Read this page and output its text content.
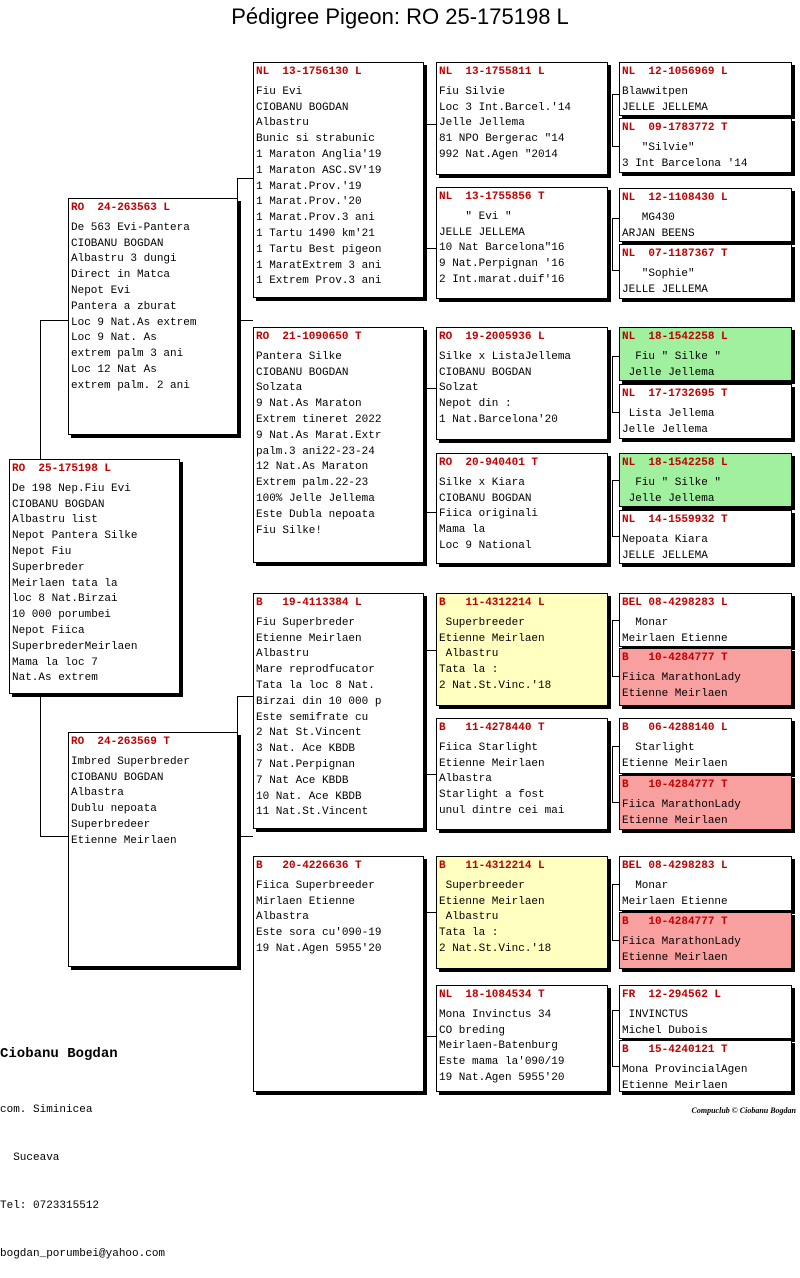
Pédigree Pigeon: RO 25-175198 L
RO  25-175198 L
De 198 Nep.Fiu Evi
CIOBANU BOGDAN
Albastru list
Nepot Pantera Silke
Nepot Fiu
Superbreder
Meirlaen tata la
loc 8 Nat.Birzai
10 000 porumbei
Nepot Fiica
SuperbrederMeirlaen
Mama la loc 7
Nat.As extrem
RO  24-263563 L
De 563 Evi-Pantera
CIOBANU BOGDAN
Albastru 3 dungi
Direct in Matca
Nepot Evi
Pantera a zburat
Loc 9 Nat.As extrem
Loc 9 Nat. As
extrem palm 3 ani
Loc 12 Nat As
extrem palm. 2 ani
RO  24-263569 T
Imbred Superbreder
CIOBANU BOGDAN
Albastra
Dublu nepoata
Superbredeer
Etienne Meirlaen
NL  13-1756130 L
Fiu Evi
CIOBANU BOGDAN
Albastru
Bunic si strabunic
1 Maraton Anglia'19
1 Maraton ASC.SV'19
1 Marat.Prov.'19
1 Marat.Prov.'20
1 Marat.Prov.3 ani
1 Tartu 1490 km'21
1 Tartu Best pigeon
1 MaratExtrem 3 ani
1 Extrem Prov.3 ani
RO  21-1090650 T
Pantera Silke
CIOBANU BOGDAN
Solzata
9 Nat.As Maraton
Extrem tineret 2022
9 Nat.As Marat.Extr
palm.3 ani22-23-24
12 Nat.As Maraton
Extrem palm.22-23
100% Jelle Jellema
Este Dubla nepoata
Fiu Silke!
B   19-4113384 L
Fiu Superbreder
Etienne Meirlaen
Albastru
Mare reprodfucator
Tata la loc 8 Nat.
Birzai din 10 000 p
Este semifrate cu
2 Nat St.Vincent
3 Nat. Ace KBDB
7 Nat.Perpignan
7 Nat Ace KBDB
10 Nat. Ace KBDB
11 Nat.St.Vincent
B   20-4226636 T
Fiica Superbreeder
Mirlaen Etienne
Albastra
Este sora cu'090-19
19 Nat.Agen 5955'20
NL  13-1755811 L
Fiu Silvie
Loc 3 Int.Barcel.'14
Jelle Jellema
81 NPO Bergerac "14
992 Nat.Agen "2014
NL  13-1755856 T
" Evi "
JELLE JELLEMA
10 Nat Barcelona"16
9 Nat.Perpignan '16
2 Int.marat.duif'16
RO  19-2005936 L
Silke x ListaJellema
CIOBANU BOGDAN
Solzat
Nepot din :
1 Nat.Barcelona'20
RO  20-940401 T
Silke x Kiara
CIOBANU BOGDAN
Fiica originali
Mama la
Loc 9 National
B   11-4312214 L
Superbreeder
Etienne Meirlaen
Albastru
Tata la :
2 Nat.St.Vinc.'18
B   11-4278440 T
Fiica Starlight
Etienne Meirlaen
Albastra
Starlight a fost
unul dintre cei mai
B   11-4312214 L
Superbreeder
Etienne Meirlaen
Albastru
Tata la :
2 Nat.St.Vinc.'18
NL  18-1084534 T
Mona Invinctus 34
CO breding
Meirlaen-Batenburg
Este mama la'090/19
19 Nat.Agen 5955'20
NL  12-1056969 L
Blawwitpen
JELLE JELLEMA
NL  09-1783772 T
"Silvie"
3 Int Barcelona '14
NL  12-1108430 L
MG430
ARJAN BEENS
NL  07-1187367 T
"Sophie"
JELLE JELLEMA
NL  18-1542258 L
Fiu " Silke "
Jelle Jellema
NL  17-1732695 T
Lista Jellema
Jelle Jellema
NL  18-1542258 L
Fiu " Silke "
Jelle Jellema
NL  14-1559932 T
Nepoata Kiara
JELLE JELLEMA
BEL 08-4298283 L
Monar
Meirlaen Etienne
B   10-4284777 T
Fiica MarathonLady
Etienne Meirlaen
B   06-4288140 L
Starlight
Etienne Meirlaen
B   10-4284777 T
Fiica MarathonLady
Etienne Meirlaen
BEL 08-4298283 L
Monar
Meirlaen Etienne
B   10-4284777 T
Fiica MarathonLady
Etienne Meirlaen
FR  12-294562 L
INVINCTUS
Michel Dubois
B   15-4240121 T
Mona ProvincialAgen
Etienne Meirlaen

Ciobanu Bogdan

com. Siminicea

Suceava

Tel: 0723315512

bogdan_porumbei@yahoo.com

Compuclub © Ciobanu Bogdan
